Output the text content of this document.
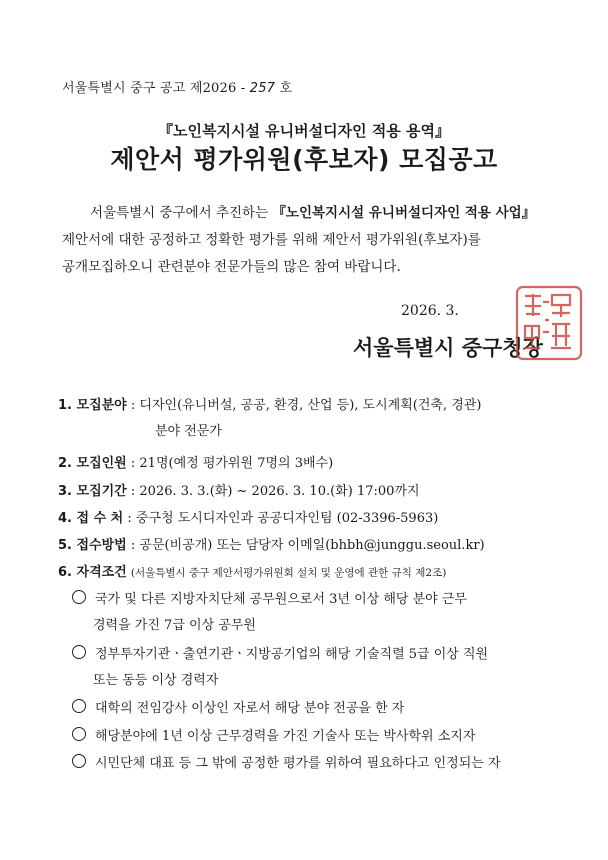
서울특별시 중구 공고 제2026 - 257 호
『노인복지시설 유니버설디자인 적용 용역』
제안서 평가위원(후보자) 모집공고
서울특별시 중구에서 추진하는 『노인복지시설 유니버설디자인 적용 사업』
제안서에 대한 공정하고 정확한 평가를 위해 제안서 평가위원(후보자)를
공개모집하오니 관련분야 전문가들의 많은 참여 바랍니다.
2026. 3.
서울특별시 중구청장
1. 모집분야 : 디자인(유니버설, 공공, 환경, 산업 등), 도시계획(건축, 경관)
분야 전문가
2. 모집인원 : 21명(예정 평가위원 7명의 3배수)
3. 모집기간 : 2026. 3. 3.(화) ~ 2026. 3. 10.(화) 17:00까지
4. 접 수 처 : 중구청 도시디자인과 공공디자인팀 (02-3396-5963)
5. 접수방법 : 공문(비공개) 또는 담당자 이메일(bhbh@junggu.seoul.kr)
6. 자격조건 (서울특별시 중구 제안서평가위원회 설치 및 운영에 관한 규칙 제2조)
국가 및 다른 지방자치단체 공무원으로서 3년 이상 해당 분야 근무
경력을 가진 7급 이상 공무원
정부투자기관ㆍ출연기관ㆍ지방공기업의 해당 기술직렬 5급 이상 직원
또는 동등 이상 경력자
대학의 전임강사 이상인 자로서 해당 분야 전공을 한 자
해당분야에 1년 이상 근무경력을 가진 기술사 또는 박사학위 소지자
시민단체 대표 등 그 밖에 공정한 평가를 위하여 필요하다고 인정되는 자
